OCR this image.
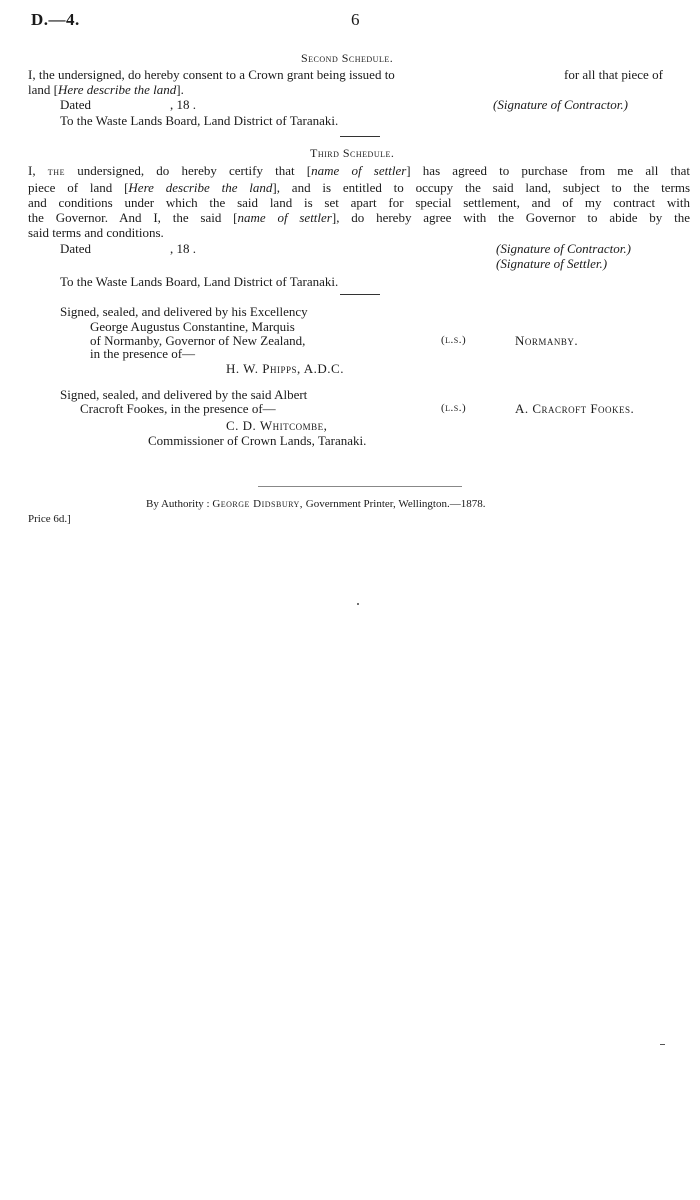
D.—4.	6
Second Schedule.
I, the undersigned, do hereby consent to a Crown grant being issued to	for all that piece of
land [Here describe the land].
Dated	, 18 .	(Signature of Contractor.)
To the Waste Lands Board, Land District of Taranaki.
Third Schedule.
I, the undersigned, do hereby certify that [name of settler] has agreed to purchase from me all that
piece of land [Here describe the land], and is entitled to occupy the said land, subject to the terms
and conditions under which the said land is set apart for special settlement, and of my contract with
the Governor. And I, the said [name of settler], do hereby agree with the Governor to abide by the
said terms and conditions.
Dated	, 18 .	(Signature of Contractor.)
(Signature of Settler.)
To the Waste Lands Board, Land District of Taranaki.
Signed, sealed, and delivered by his Excellency
George Augustus Constantine, Marquis
of Normanby, Governor of New Zealand,
in the presence of—
H. W. Phipps, A.D.C.
(l.s.)	Normanby.
Signed, sealed, and delivered by the said Albert
Cracroft Fookes, in the presence of—
C. D. Whitcombe,
Commissioner of Crown Lands, Taranaki.
(l.s.)	A. Cracroft Fookes.
By Authority : George Didsbury, Government Printer, Wellington.—1878.
Price 6d.]
